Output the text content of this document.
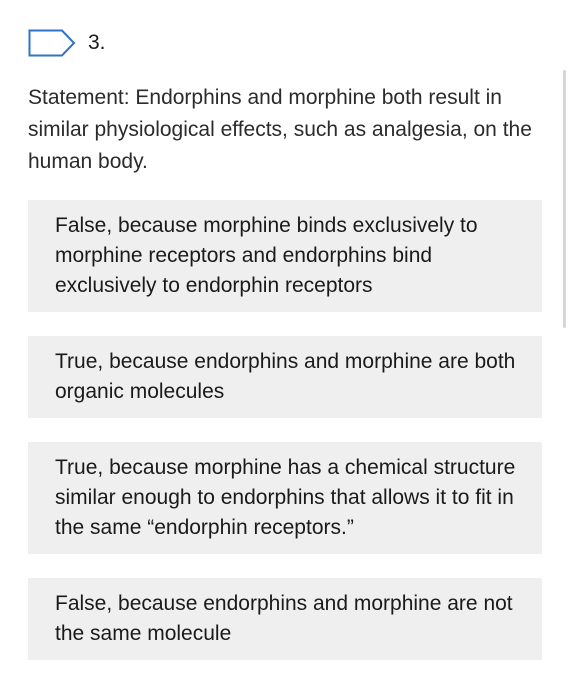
3.

Statement: Endorphins and morphine both result in similar physiological effects, such as analgesia, on the human body.

False, because morphine binds exclusively to morphine receptors and endorphins bind exclusively to endorphin receptors
True, because endorphins and morphine are both organic molecules
True, because morphine has a chemical structure similar enough to endorphins that allows it to fit in the same “endorphin receptors.”
False, because endorphins and morphine are not the same molecule
